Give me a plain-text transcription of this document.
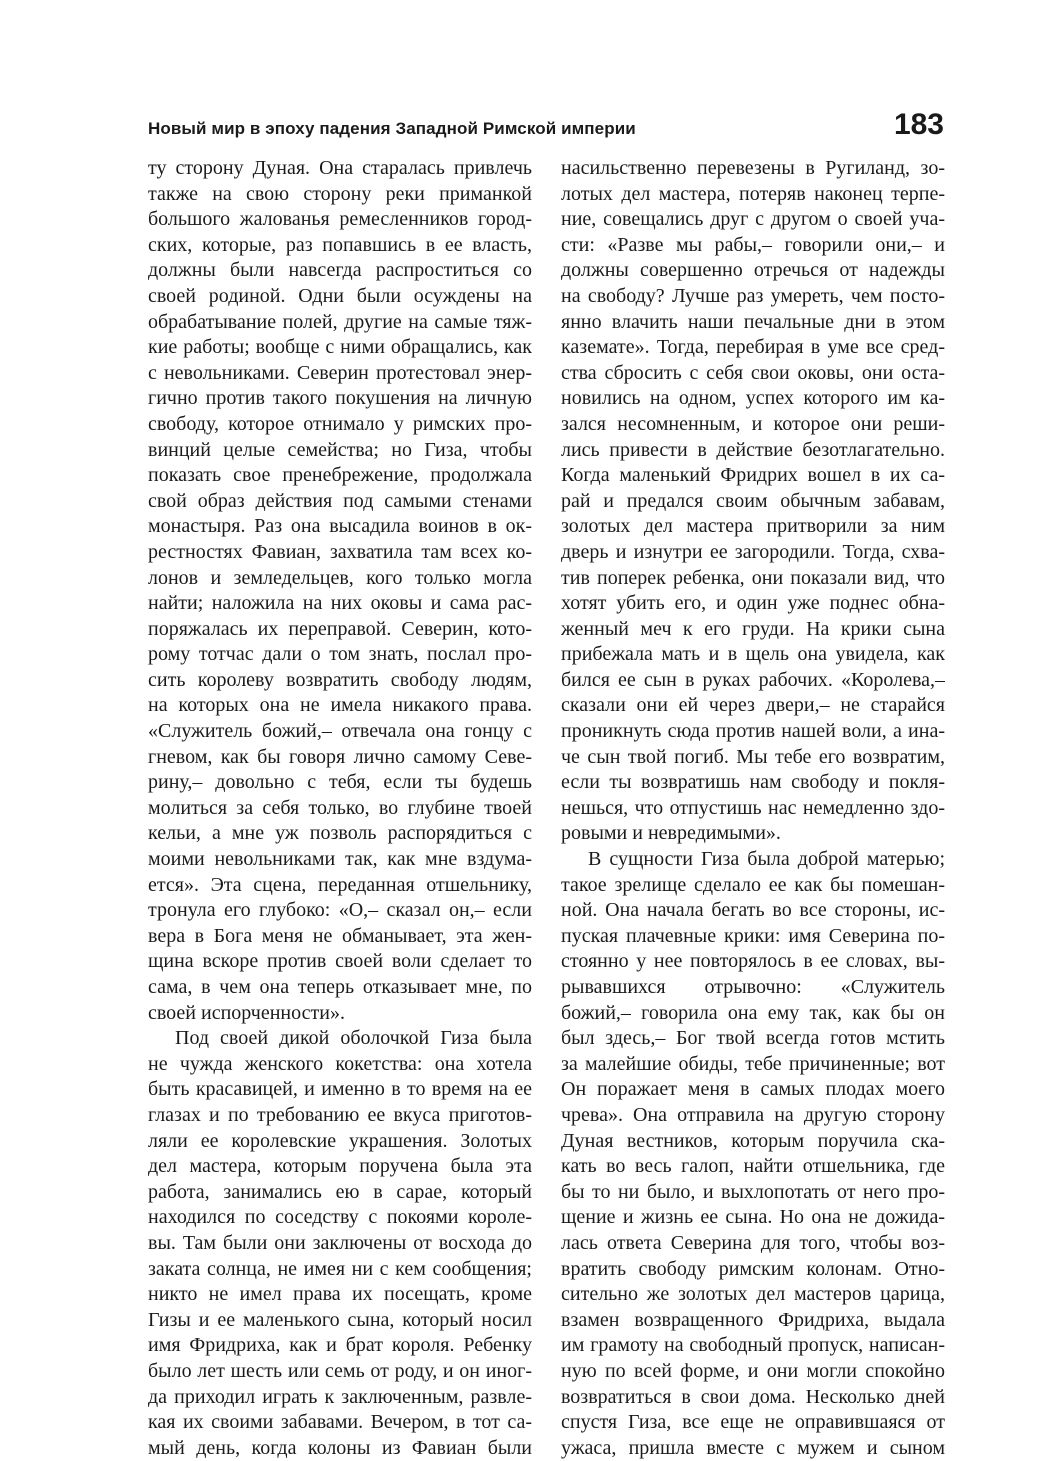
Новый мир в эпоху падения Западной Римской империи	183
ту сторону Дуная. Она старалась привлечь
также на свою сторону реки приманкой
большого жалованья ремесленников город-
ских, которые, раз попавшись в ее власть,
должны были навсегда распроститься со
своей родиной. Одни были осуждены на
обрабатывание полей, другие на самые тяж-
кие работы; вообще с ними обращались, как
с невольниками. Северин протестовал энер-
гично против такого покушения на личную
свободу, которое отнимало у римских про-
винций целые семейства; но Гиза, чтобы
показать свое пренебрежение, продолжала
свой образ действия под самыми стенами
монастыря. Раз она высадила воинов в ок-
рестностях Фавиан, захватила там всех ко-
лонов и земледельцев, кого только могла
найти; наложила на них оковы и сама рас-
поряжалась их переправой. Северин, кото-
рому тотчас дали о том знать, послал про-
сить королеву возвратить свободу людям,
на которых она не имела никакого права.
«Служитель божий,– отвечала она гонцу с
гневом, как бы говоря лично самому Севе-
рину,– довольно с тебя, если ты будешь
молиться за себя только, во глубине твоей
кельи, а мне уж позволь распорядиться с
моими невольниками так, как мне вздума-
ется». Эта сцена, переданная отшельнику,
тронула его глубоко: «О,– сказал он,– если
вера в Бога меня не обманывает, эта жен-
щина вскоре против своей воли сделает то
сама, в чем она теперь отказывает мне, по
своей испорченности».
Под своей дикой оболочкой Гиза была
не чужда женского кокетства: она хотела
быть красавицей, и именно в то время на ее
глазах и по требованию ее вкуса приготов-
ляли ее королевские украшения. Золотых
дел мастера, которым поручена была эта
работа, занимались ею в сарае, который
находился по соседству с покоями короле-
вы. Там были они заключены от восхода до
заката солнца, не имея ни с кем сообщения;
никто не имел права их посещать, кроме
Гизы и ее маленького сына, который носил
имя Фридриха, как и брат короля. Ребенку
было лет шесть или семь от роду, и он иног-
да приходил играть к заключенным, развле-
кая их своими забавами. Вечером, в тот са-
мый день, когда колоны из Фавиан были
насильственно перевезены в Ругиланд, зо-
лотых дел мастера, потеряв наконец терпе-
ние, совещались друг с другом о своей уча-
сти: «Разве мы рабы,– говорили они,– и
должны совершенно отречься от надежды
на свободу? Лучше раз умереть, чем посто-
янно влачить наши печальные дни в этом
каземате». Тогда, перебирая в уме все сред-
ства сбросить с себя свои оковы, они оста-
новились на одном, успех которого им ка-
зался несомненным, и которое они реши-
лись привести в действие безотлагательно.
Когда маленький Фридрих вошел в их са-
рай и предался своим обычным забавам,
золотых дел мастера притворили за ним
дверь и изнутри ее загородили. Тогда, схва-
тив поперек ребенка, они показали вид, что
хотят убить его, и один уже поднес обна-
женный меч к его груди. На крики сына
прибежала мать и в щель она увидела, как
бился ее сын в руках рабочих. «Королева,–
сказали они ей через двери,– не старайся
проникнуть сюда против нашей воли, а ина-
че сын твой погиб. Мы тебе его возвратим,
если ты возвратишь нам свободу и покля-
нешься, что отпустишь нас немедленно здо-
ровыми и невредимыми».
В сущности Гиза была доброй матерью;
такое зрелище сделало ее как бы помешан-
ной. Она начала бегать во все стороны, ис-
пуская плачевные крики: имя Северина по-
стоянно у нее повторялось в ее словах, вы-
рывавшихся отрывочно: «Служитель
божий,– говорила она ему так, как бы он
был здесь,– Бог твой всегда готов мстить
за малейшие обиды, тебе причиненные; вот
Он поражает меня в самых плодах моего
чрева». Она отправила на другую сторону
Дуная вестников, которым поручила ска-
кать во весь галоп, найти отшельника, где
бы то ни было, и выхлопотать от него про-
щение и жизнь ее сына. Но она не дожида-
лась ответа Северина для того, чтобы воз-
вратить свободу римским колонам. Отно-
сительно же золотых дел мастеров царица,
взамен возвращенного Фридриха, выдала
им грамоту на свободный пропуск, написан-
ную по всей форме, и они могли спокойно
возвратиться в свои дома. Несколько дней
спустя Гиза, все еще не оправившаяся от
ужаса, пришла вместе с мужем и сыном
